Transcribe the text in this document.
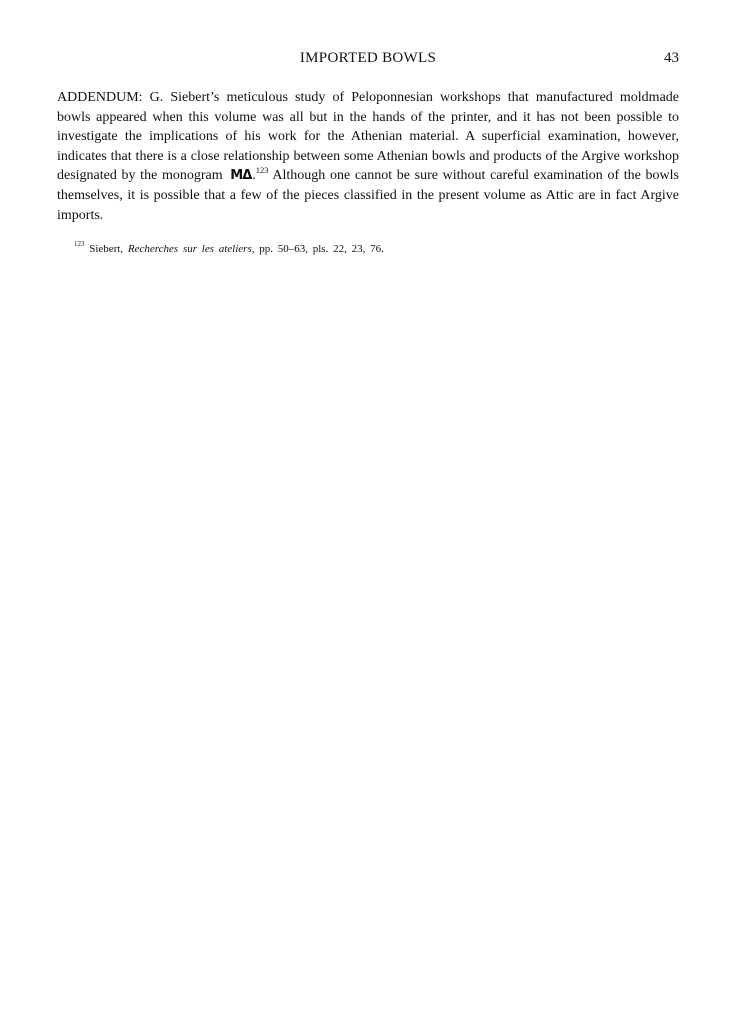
IMPORTED BOWLS	43

ADDENDUM: G. Siebert’s meticulous study of Peloponnesian workshops that manufactured moldmade bowls appeared when this volume was all but in the hands of the printer, and it has not been possible to investigate the implications of his work for the Athenian material. A superficial examination, however, indicates that there is a close relationship between some Athenian bowls and products of the Argive workshop designated by the monogram ΜΔ.$^{123}$ Although one cannot be sure without careful examination of the bowls themselves, it is possible that a few of the pieces classified in the present volume as Attic are in fact Argive imports.

$^{123}$ Siebert, Recherches sur les ateliers, pp. 50–63, pls. 22, 23, 76.
